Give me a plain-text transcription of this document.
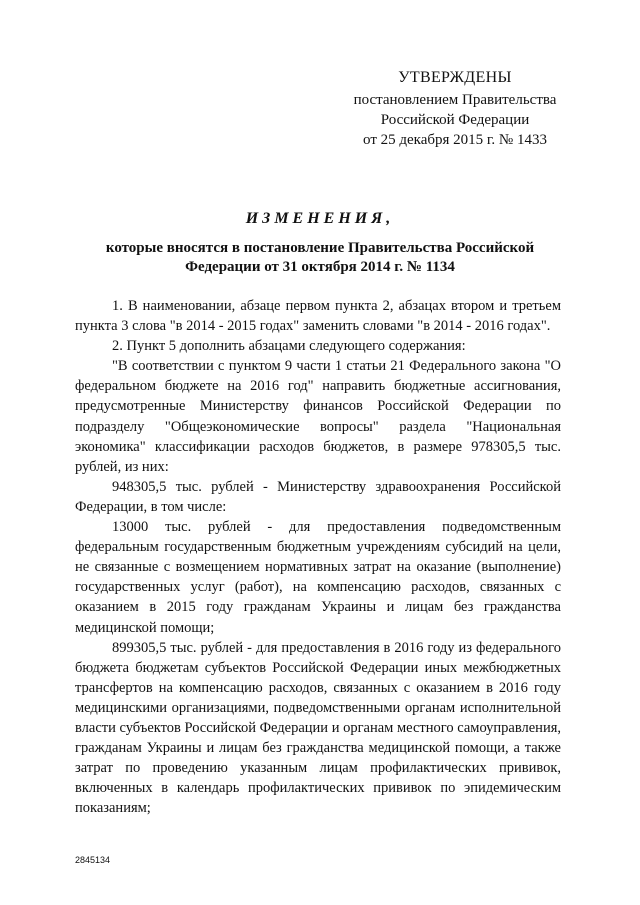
УТВЕРЖДЕНЫ
постановлением Правительства
Российской Федерации
от 25 декабря 2015 г. № 1433
ИЗМЕНЕНИЯ,
которые вносятся в постановление Правительства Российской Федерации от 31 октября 2014 г. № 1134

1. В наименовании, абзаце первом пункта 2, абзацах втором и третьем пункта 3 слова "в 2014 - 2015 годах" заменить словами "в 2014 - 2016 годах".

2. Пункт 5 дополнить абзацами следующего содержания:

"В соответствии с пунктом 9 части 1 статьи 21 Федерального закона "О федеральном бюджете на 2016 год" направить бюджетные ассигнования, предусмотренные Министерству финансов Российской Федерации по подразделу "Общеэкономические вопросы" раздела "Национальная экономика" классификации расходов бюджетов, в размере 978305,5 тыс. рублей, из них:

948305,5 тыс. рублей - Министерству здравоохранения Российской Федерации, в том числе:

13000 тыс. рублей - для предоставления подведомственным федеральным государственным бюджетным учреждениям субсидий на цели, не связанные с возмещением нормативных затрат на оказание (выполнение) государственных услуг (работ), на компенсацию расходов, связанных с оказанием в 2015 году гражданам Украины и лицам без гражданства медицинской помощи;

899305,5 тыс. рублей - для предоставления в 2016 году из федерального бюджета бюджетам субъектов Российской Федерации иных межбюджетных трансфертов на компенсацию расходов, связанных с оказанием в 2016 году медицинскими организациями, подведомственными органам исполнительной власти субъектов Российской Федерации и органам местного самоуправления, гражданам Украины и лицам без гражданства медицинской помощи, а также затрат по проведению указанным лицам профилактических прививок, включенных в календарь профилактических прививок по эпидемическим показаниям;

2845134
